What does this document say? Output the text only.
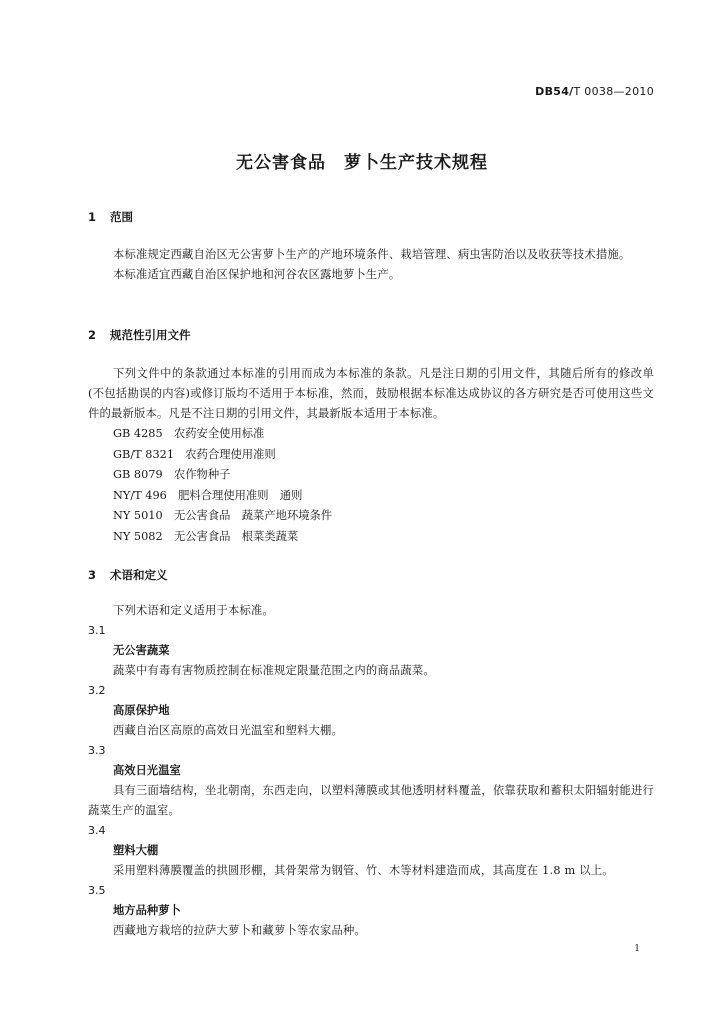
DB54/T 0038—2010
无公害食品　萝卜生产技术规程
1 范围

本标准规定西藏自治区无公害萝卜生产的产地环境条件、栽培管理、病虫害防治以及收获等技术措施。

本标准适宜西藏自治区保护地和河谷农区露地萝卜生产。

2 规范性引用文件

下列文件中的条款通过本标准的引用而成为本标准的条款。凡是注日期的引用文件，其随后所有的修改单(不包括勘误的内容)或修订版均不适用于本标准，然而，鼓励根据本标准达成协议的各方研究是否可使用这些文件的最新版本。凡是不注日期的引用文件，其最新版本适用于本标准。

GB 4285　农药安全使用标准
GB/T 8321　农药合理使用准则
GB 8079　农作物种子
NY/T 496　肥料合理使用准则　通则
NY 5010　无公害食品　蔬菜产地环境条件
NY 5082　无公害食品　根菜类蔬菜
3 术语和定义

下列术语和定义适用于本标准。

3.1
无公害蔬菜

蔬菜中有毒有害物质控制在标准规定限量范围之内的商品蔬菜。

3.2
高原保护地

西藏自治区高原的高效日光温室和塑料大棚。

3.3
高效日光温室

具有三面墙结构，坐北朝南，东西走向，以塑料薄膜或其他透明材料覆盖，依靠获取和蓄积太阳辐射能进行蔬菜生产的温室。

3.4
塑料大棚

采用塑料薄膜覆盖的拱圆形棚，其骨架常为钢管、竹、木等材料建造而成，其高度在 1.8 m 以上。

3.5
地方品种萝卜

西藏地方栽培的拉萨大萝卜和藏萝卜等农家品种。

1
